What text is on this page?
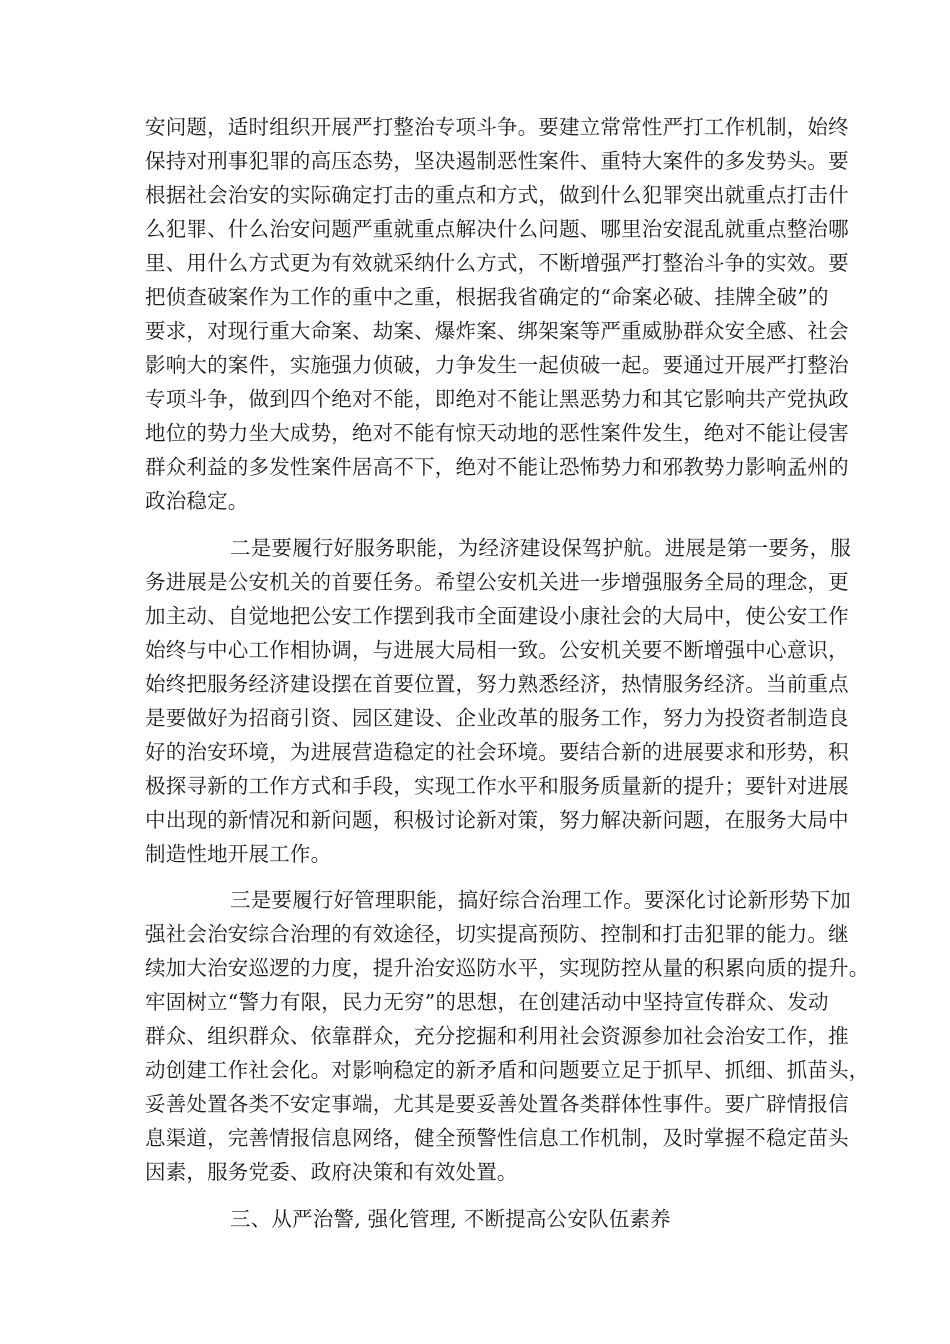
安问题，适时组织开展严打整治专项斗争。要建立常常性严打工作机制，始终
保持对刑事犯罪的高压态势，坚决遏制恶性案件、重特大案件的多发势头。要
根据社会治安的实际确定打击的重点和方式，做到什么犯罪突出就重点打击什
么犯罪、什么治安问题严重就重点解决什么问题、哪里治安混乱就重点整治哪
里、用什么方式更为有效就采纳什么方式，不断增强严打整治斗争的实效。要
把侦查破案作为工作的重中之重，根据我省确定的“命案必破、挂牌全破”的
要求，对现行重大命案、劫案、爆炸案、绑架案等严重威胁群众安全感、社会
影响大的案件，实施强力侦破，力争发生一起侦破一起。要通过开展严打整治
专项斗争，做到四个绝对不能，即绝对不能让黑恶势力和其它影响共产党执政
地位的势力坐大成势，绝对不能有惊天动地的恶性案件发生，绝对不能让侵害
群众利益的多发性案件居高不下，绝对不能让恐怖势力和邪教势力影响孟州的
政治稳定。
二是要履行好服务职能，为经济建设保驾护航。进展是第一要务，服
务进展是公安机关的首要任务。希望公安机关进一步增强服务全局的理念，更
加主动、自觉地把公安工作摆到我市全面建设小康社会的大局中，使公安工作
始终与中心工作相协调，与进展大局相一致。公安机关要不断增强中心意识，
始终把服务经济建设摆在首要位置，努力熟悉经济，热情服务经济。当前重点
是要做好为招商引资、园区建设、企业改革的服务工作，努力为投资者制造良
好的治安环境，为进展营造稳定的社会环境。要结合新的进展要求和形势，积
极探寻新的工作方式和手段，实现工作水平和服务质量新的提升；要针对进展
中出现的新情况和新问题，积极讨论新对策，努力解决新问题，在服务大局中
制造性地开展工作。
三是要履行好管理职能，搞好综合治理工作。要深化讨论新形势下加
强社会治安综合治理的有效途径，切实提高预防、控制和打击犯罪的能力。继
续加大治安巡逻的力度，提升治安巡防水平，实现防控从量的积累向质的提升。
牢固树立“警力有限，民力无穷”的思想，在创建活动中坚持宣传群众、发动
群众、组织群众、依靠群众，充分挖掘和利用社会资源参加社会治安工作，推
动创建工作社会化。对影响稳定的新矛盾和问题要立足于抓早、抓细、抓苗头，
妥善处置各类不安定事端，尤其是要妥善处置各类群体性事件。要广辟情报信
息渠道，完善情报信息网络，健全预警性信息工作机制，及时掌握不稳定苗头
因素，服务党委、政府决策和有效处置。
三、从严治警, 强化管理, 不断提高公安队伍素养
